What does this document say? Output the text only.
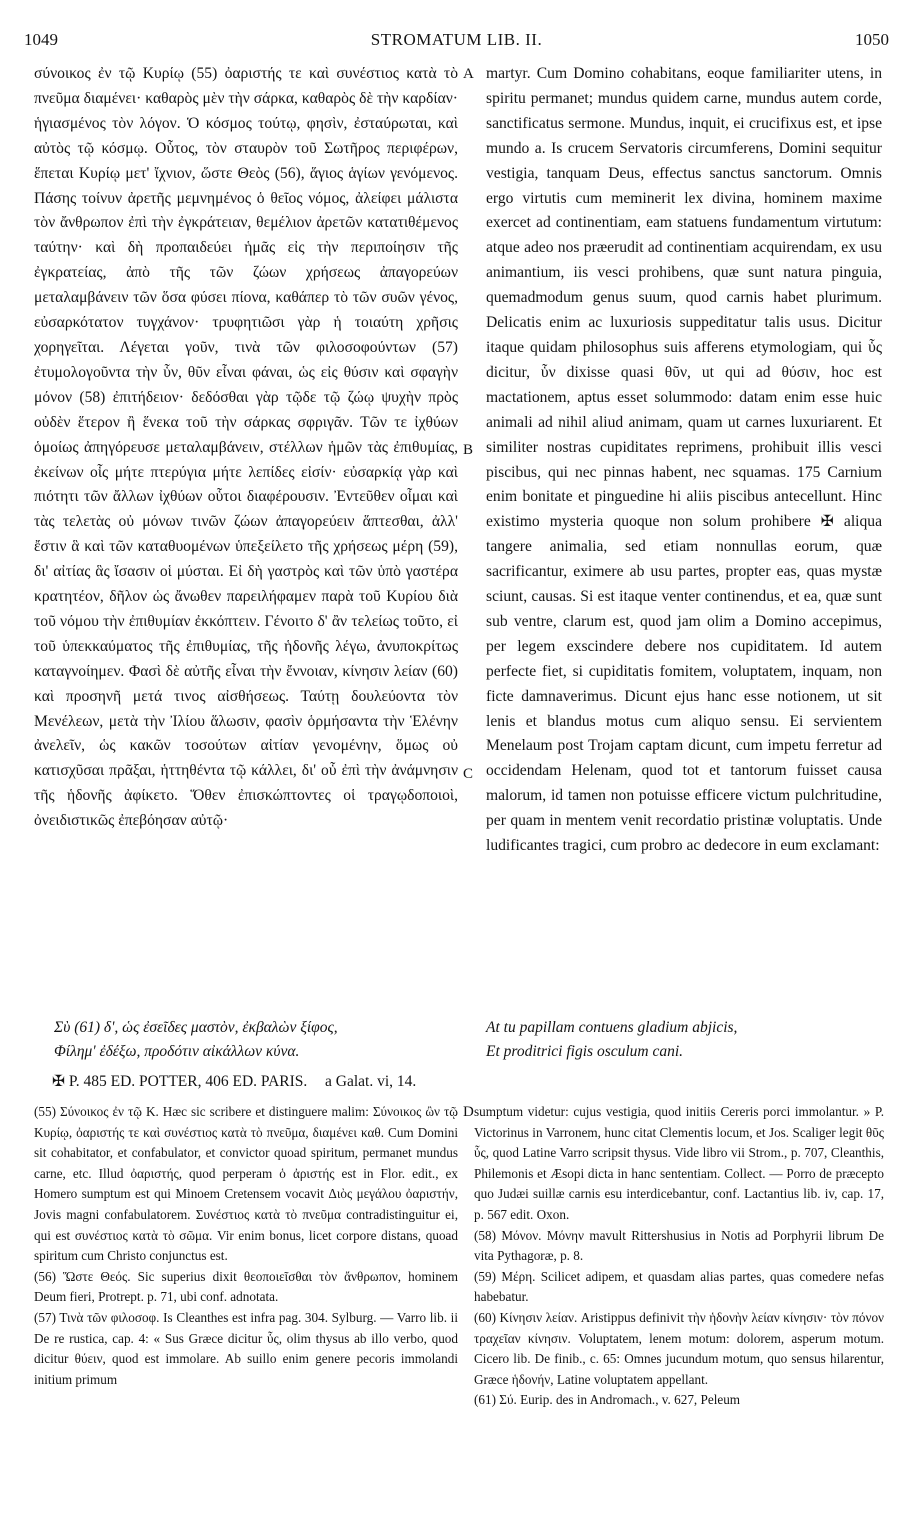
1049	STROMATUM LIB. II.	1050

σύνοικος ἐν τῷ Κυρίῳ (55) ὀαριστής τε καὶ συνέστιος κατὰ τὸ πνεῦμα διαμένει· καθαρὸς μὲν τὴν σάρκα, καθαρὸς δὲ τὴν καρδίαν· ἡγιασμένος τὸν λόγον. Ὁ κόσμος τούτῳ, φησὶν, ἐσταύρωται, καὶ αὐτὸς τῷ κόσμῳ. Οὗτος, τὸν σταυρὸν τοῦ Σωτῆρος περιφέρων, ἕπεται Κυρίῳ μετ' ἴχνιον, ὥστε Θεὸς (56), ἅγιος ἁγίων γενόμενος. Πάσης τοίνυν ἀρετῆς μεμνημένος ὁ θεῖος νόμος, ἀλείφει μάλιστα τὸν ἄνθρωπον ἐπὶ τὴν ἐγκράτειαν, θεμέλιον ἀρετῶν κατατιθέμενος ταύτην· καὶ δὴ προπαιδεύει ἡμᾶς εἰς τὴν περιποίησιν τῆς ἐγκρατείας, ἀπὸ τῆς τῶν ζώων χρήσεως ἀπαγορεύων μεταλαμβάνειν τῶν ὅσα φύσει πίονα, καθάπερ τὸ τῶν συῶν γένος, εὐσαρκότατον τυγχάνον· τρυφητιῶσι γὰρ ἡ τοιαύτη χρῆσις χορηγεῖται. Λέγεται γοῦν, τινὰ τῶν φιλοσοφούντων (57) ἐτυμολογοῦντα τὴν ὗν, θῦν εἶναι φάναι, ὡς εἰς θύσιν καὶ σφαγὴν μόνον (58) ἐπιτήδειον· δεδόσθαι γὰρ τῷδε τῷ ζώῳ ψυχὴν πρὸς οὐδὲν ἕτερον ἢ ἕνεκα τοῦ τὴν σάρκας σφριγᾶν. Τῶν τε ἰχθύων ὁμοίως ἀπηγόρευσε μεταλαμβάνειν, στέλλων ἡμῶν τὰς ἐπιθυμίας, ἐκείνων οἷς μήτε πτερύγια μήτε λεπίδες εἰσίν· εὐσαρκίᾳ γὰρ καὶ πιότητι τῶν ἄλλων ἰχθύων οὗτοι διαφέρουσιν. Ἐντεῦθεν οἶμαι καὶ τὰς τελετὰς οὐ μόνων τινῶν ζώων ἀπαγορεύειν ἅπτεσθαι, ἀλλ' ἔστιν ἃ καὶ τῶν καταθυομένων ὑπεξείλετο τῆς χρήσεως μέρη (59), δι' αἰτίας ἃς ἴσασιν οἱ μύσται. Εἰ δὴ γαστρὸς καὶ τῶν ὑπὸ γαστέρα κρατητέον, δῆλον ὡς ἄνωθεν παρειλήφαμεν παρὰ τοῦ Κυρίου διὰ τοῦ νόμου τὴν ἐπιθυμίαν ἐκκόπτειν. Γένοιτο δ' ἂν τελείως τοῦτο, εἰ τοῦ ὑπεκκαύματος τῆς ἐπιθυμίας, τῆς ἡδονῆς λέγω, ἀνυποκρίτως καταγνοίημεν. Φασὶ δὲ αὐτῆς εἶναι τὴν ἔννοιαν, κίνησιν λείαν (60) καὶ προσηνῆ μετά τινος αἰσθήσεως. Ταύτῃ δουλεύοντα τὸν Μενέλεων, μετὰ τὴν Ἰλίου ἅλωσιν, φασὶν ὁρμήσαντα τὴν Ἑλένην ἀνελεῖν, ὡς κακῶν τοσούτων αἰτίαν γενομένην, ὅμως οὐ κατισχῦσαι πρᾶξαι, ἡττηθέντα τῷ κάλλει, δι' οὗ ἐπὶ τὴν ἀνάμνησιν τῆς ἡδονῆς ἀφίκετο. Ὅθεν ἐπισκώπτοντες οἱ τραγῳδοποιοὶ, ὀνειδιστικῶς ἐπεβόησαν αὐτῷ·

martyr. Cum Domino cohabitans, eoque familiariter utens, in spiritu permanet; mundus quidem carne, mundus autem corde, sanctificatus sermone. Mundus, inquit, ei crucifixus est, et ipse mundo a. Is crucem Servatoris circumferens, Domini sequitur vestigia, tanquam Deus, effectus sanctus sanctorum. Omnis ergo virtutis cum meminerit lex divina, hominem maxime exercet ad continentiam, eam statuens fundamentum virtutum: atque adeo nos præerudit ad continentiam acquirendam, ex usu animantium, iis vesci prohibens, quæ sunt natura pinguia, quemadmodum genus suum, quod carnis habet plurimum. Delicatis enim ac luxuriosis suppeditatur talis usus. Dicitur itaque quidam philosophus suis afferens etymologiam, qui ὗς dicitur, ὗν dixisse quasi θῦν, ut qui ad θύσιν, hoc est mactationem, aptus esset solummodo: datam enim esse huic animali ad nihil aliud animam, quam ut carnes luxuriarent. Et similiter nostras cupiditates reprimens, prohibuit illis vesci piscibus, qui nec pinnas habent, nec squamas. 175 Carnium enim bonitate et pinguedine hi aliis piscibus antecellunt. Hinc existimo mysteria quoque non solum prohibere ✠ aliqua tangere animalia, sed etiam nonnullas eorum, quæ sacrificantur, eximere ab usu partes, propter eas, quas mystæ sciunt, causas. Si est itaque venter continendus, et ea, quæ sunt sub ventre, clarum est, quod jam olim a Domino accepimus, per legem exscindere debere nos cupiditatem. Id autem perfecte fiet, si cupiditatis fomitem, voluptatem, inquam, non ficte damnaverimus. Dicunt ejus hanc esse notionem, ut sit lenis et blandus motus cum aliquo sensu. Ei servientem Menelaum post Trojam captam dicunt, cum impetu ferretur ad occidendam Helenam, quod tot et tantorum fuisset causa malorum, id tamen non potuisse efficere victum pulchritudine, per quam in mentem venit recordatio pristinæ voluptatis. Unde ludificantes tragici, cum probro ac dedecore in eum exclamant:

A
B
C
D
Σὺ (61) δ', ὡς ἐσεῖδες μαστὸν, ἐκβαλὼν ξίφος,
Φίλημ' ἐδέξω, προδότιν αἰκάλλων κύνα.
At tu papillam contuens gladium abjicis,
Et proditrici figis osculum cani.
✠ P. 485 ED. POTTER, 406 ED. PARIS. a Galat. vi, 14.

(55) Σύνοικος ἐν τῷ Κ. Hæc sic scribere et distinguere malim: Σύνοικος ὢν τῷ Κυρίῳ, ὀαριστής τε καὶ συνέστιος κατὰ τὸ πνεῦμα, διαμένει καθ. Cum Domini sit cohabitator, et confabulator, et convictor quoad spiritum, permanet mundus carne, etc. Illud ὀαριστής, quod perperam ὁ ἀριστής est in Flor. edit., ex Homero sumptum est qui Minoem Cretensem vocavit Διὸς μεγάλου ὀαριστήν, Jovis magni confabulatorem. Συνέστιος κατὰ τὸ πνεῦμα contradistinguitur ei, qui est συνέστιος κατὰ τὸ σῶμα. Vir enim bonus, licet corpore distans, quoad spiritum cum Christo conjunctus est.

(56) Ὥστε Θεός. Sic superius dixit θεοποιεῖσθαι τὸν ἄνθρωπον, hominem Deum fieri, Protrept. p. 71, ubi conf. adnotata.

(57) Τινὰ τῶν φιλοσοφ. Is Cleanthes est infra pag. 304. Sylburg. — Varro lib. ii De re rustica, cap. 4: « Sus Græce dicitur ὗς, olim thysus ab illo verbo, quod dicitur θύειν, quod est immolare. Ab suillo enim genere pecoris immolandi initium primum

sumptum videtur: cujus vestigia, quod initiis Cereris porci immolantur. » P. Victorinus in Varronem, hunc citat Clementis locum, et Jos. Scaliger legit θῦς ὗς, quod Latine Varro scripsit thysus. Vide libro vii Strom., p. 707, Cleanthis, Philemonis et Æsopi dicta in hanc sententiam. Collect. — Porro de præcepto quo Judæi suillæ carnis esu interdicebantur, conf. Lactantius lib. iv, cap. 17, p. 567 edit. Oxon.

(58) Μόνον. Μόνην mavult Rittershusius in Notis ad Porphyrii librum De vita Pythagoræ, p. 8.

(59) Μέρη. Scilicet adipem, et quasdam alias partes, quas comedere nefas habebatur.

(60) Κίνησιν λείαν. Aristippus definivit τὴν ἡδονὴν λείαν κίνησιν· τὸν πόνον τραχεῖαν κίνησιν. Voluptatem, lenem motum: dolorem, asperum motum. Cicero lib. De finib., c. 65: Omnes jucundum motum, quo sensus hilarentur, Græce ἡδονήν, Latine voluptatem appellant.

(61) Σύ. Eurip. des in Andromach., v. 627, Peleum
